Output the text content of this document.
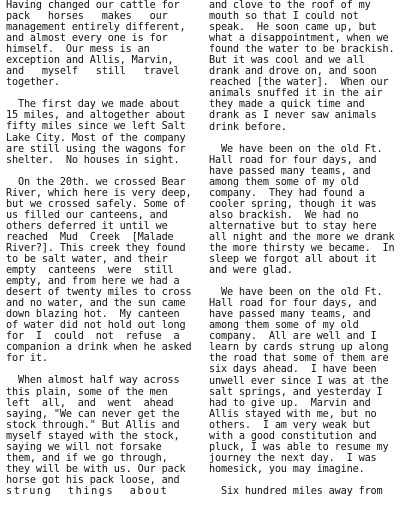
Having changed our cattle for
pack   horses   makes   our
management entirely different,
and almost every one is for
himself.  Our mess is an
exception and Allis, Marvin,
and   myself   still   travel
together.
The first day we made about
15 miles, and altogether about
fifty miles since we left Salt
Lake City. Most of the company
are still using the wagons for
shelter.  No houses in sight.
On the 20th. we crossed Bear
River, which here is very deep,
but we crossed safely. Some of
us filled our canteens, and
others deferred it until we
reached  Mud  Creek  [Malade
River?]. This creek they found
to be salt water, and their
empty  canteens  were  still
empty, and from here we had a
desert of twenty miles to cross
and no water, and the sun came
down blazing hot.  My canteen
of water did not hold out long
for  I  could  not  refuse  a
companion a drink when he asked
for it.
When almost half way across
this plain, some of the men
left  all,  and  went  ahead
saying, "We can never get the
stock through." But Allis and
myself stayed with the stock,
saying we will not forsake
them, and if we go through,
they will be with us. Our pack
horse got his pack loose, and
strung  things  about
and clove to the roof of my
mouth so that I could not
speak.  He soon came up, but
what a disappointment, when we
found the water to be brackish.
But it was cool and we all
drank and drove on, and soon
reached [the water].  When our
animals snuffed it in the air
they made a quick time and
drank as I never saw animals
drink before.
We have been on the old Ft.
Hall road for four days, and
have passed many teams, and
among them some of my old
company.  They had found a
cooler spring, though it was
also brackish.  We had no
alternative but to stay here
all night and the more we drank
the more thirsty we became.  In
sleep we forgot all about it
and were glad.
We have been on the old Ft.
Hall road for four days, and
have passed many teams, and
among them some of my old
company.  All are well and I
learn by cards strung up along
the road that some of them are
six days ahead.  I have been
unwell ever since I was at the
salt springs, and yesterday I
had to give up.  Marvin and
Allis stayed with me, but no
others.  I am very weak but
with a good constitution and
pluck, I was able to resume my
journey the next day.  I was
homesick, you may imagine.
Six hundred miles away from
